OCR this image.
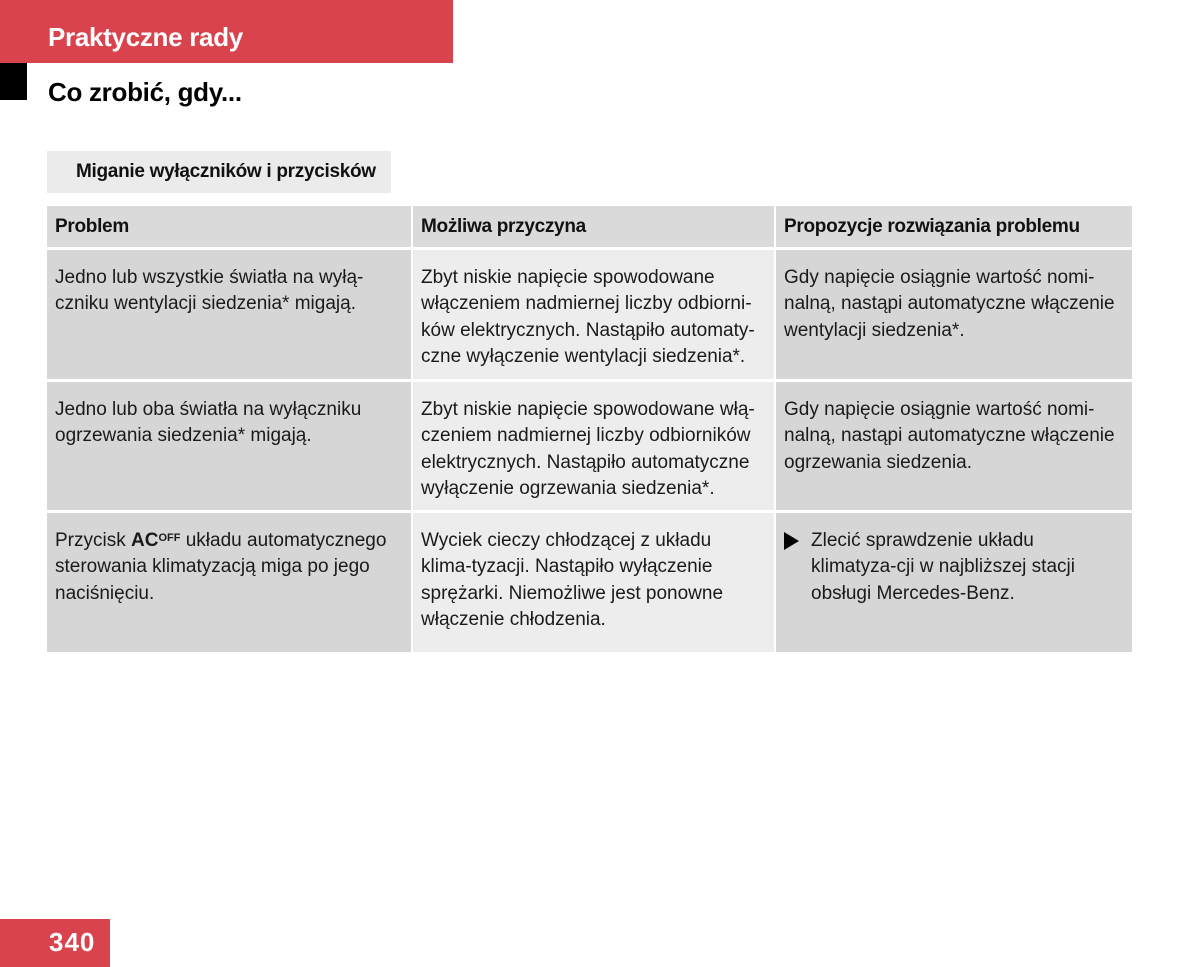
Praktyczne rady
Co zrobić, gdy...
Miganie wyłączników i przycisków
Problem	Możliwa przyczyna	Propozycje rozwiązania problemu
Jedno lub wszystkie światła na wyłą-czniku wentylacji siedzenia* migają.
Zbyt niskie napięcie spowodowane włączeniem nadmiernej liczby odbiorni-ków elektrycznych. Nastąpiło automaty-czne wyłączenie wentylacji siedzenia*.
Gdy napięcie osiągnie wartość nomi-nalną, nastąpi automatyczne włączenie wentylacji siedzenia*.
Jedno lub oba światła na wyłączniku ogrzewania siedzenia* migają.
Zbyt niskie napięcie spowodowane włą-czeniem nadmiernej liczby odbiorników elektrycznych. Nastąpiło automatyczne wyłączenie ogrzewania siedzenia*.
Gdy napięcie osiągnie wartość nomi-nalną, nastąpi automatyczne włączenie ogrzewania siedzenia.
Przycisk $AC^{OFF}$ układu automatycznego sterowania klimatyzacją miga po jego naciśnięciu.
Wyciek cieczy chłodzącej z układu klima-tyzacji. Nastąpiło wyłączenie sprężarki. Niemożliwe jest ponowne włączenie chłodzenia.
Zlecić sprawdzenie układu klimatyza-cji w najbliższej stacji obsługi Mercedes-Benz.
340
